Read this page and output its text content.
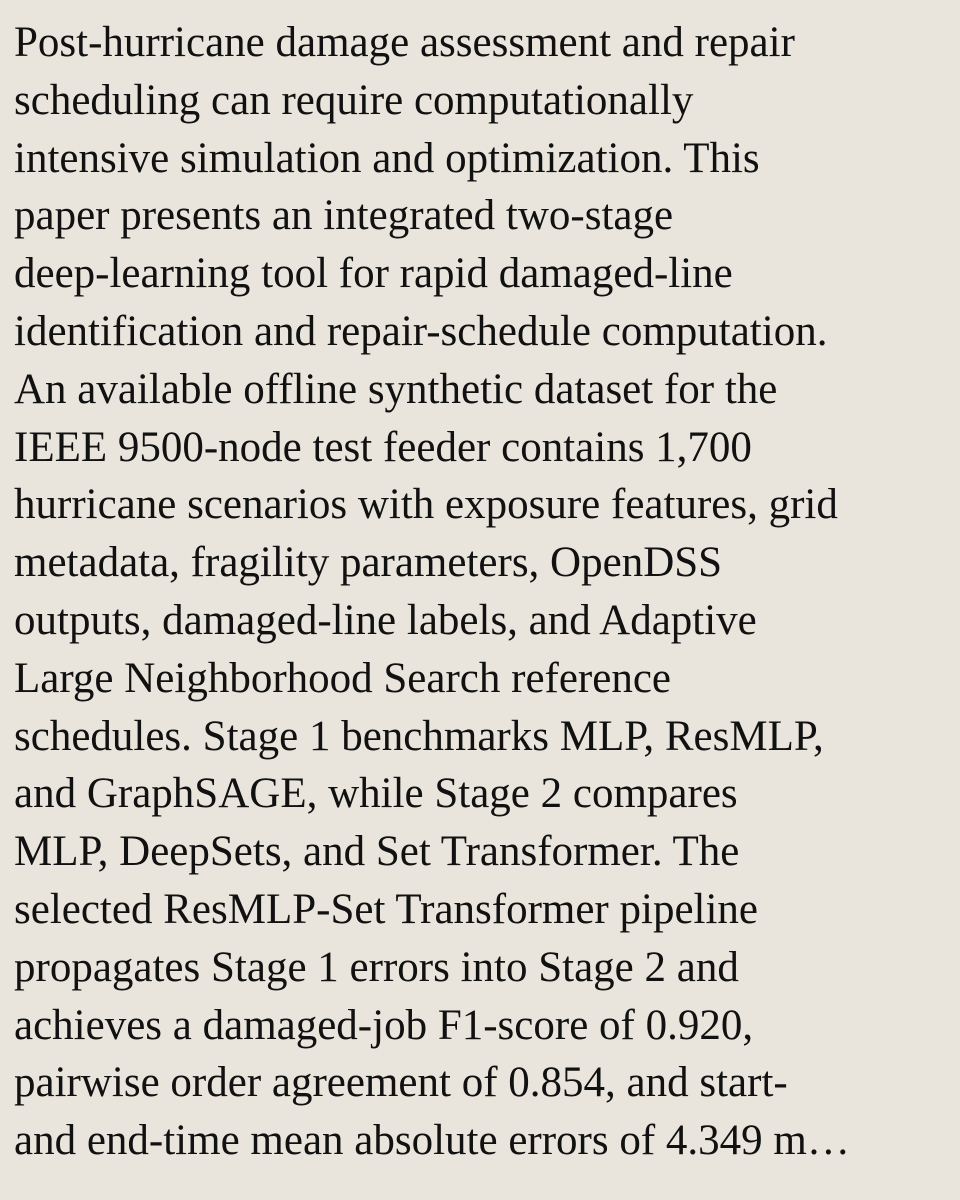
Post-hurricane damage assessment and repair
scheduling can require computationally
intensive simulation and optimization. This
paper presents an integrated two-stage
deep-learning tool for rapid damaged-line
identification and repair-schedule computation.
An available offline synthetic dataset for the
IEEE 9500-node test feeder contains 1,700
hurricane scenarios with exposure features, grid
metadata, fragility parameters, OpenDSS
outputs, damaged-line labels, and Adaptive
Large Neighborhood Search reference
schedules. Stage 1 benchmarks MLP, ResMLP,
and GraphSAGE, while Stage 2 compares
MLP, DeepSets, and Set Transformer. The
selected ResMLP-Set Transformer pipeline
propagates Stage 1 errors into Stage 2 and
achieves a damaged-job F1-score of 0.920,
pairwise order agreement of 0.854, and start-
and end-time mean absolute errors of 4.349 m…
